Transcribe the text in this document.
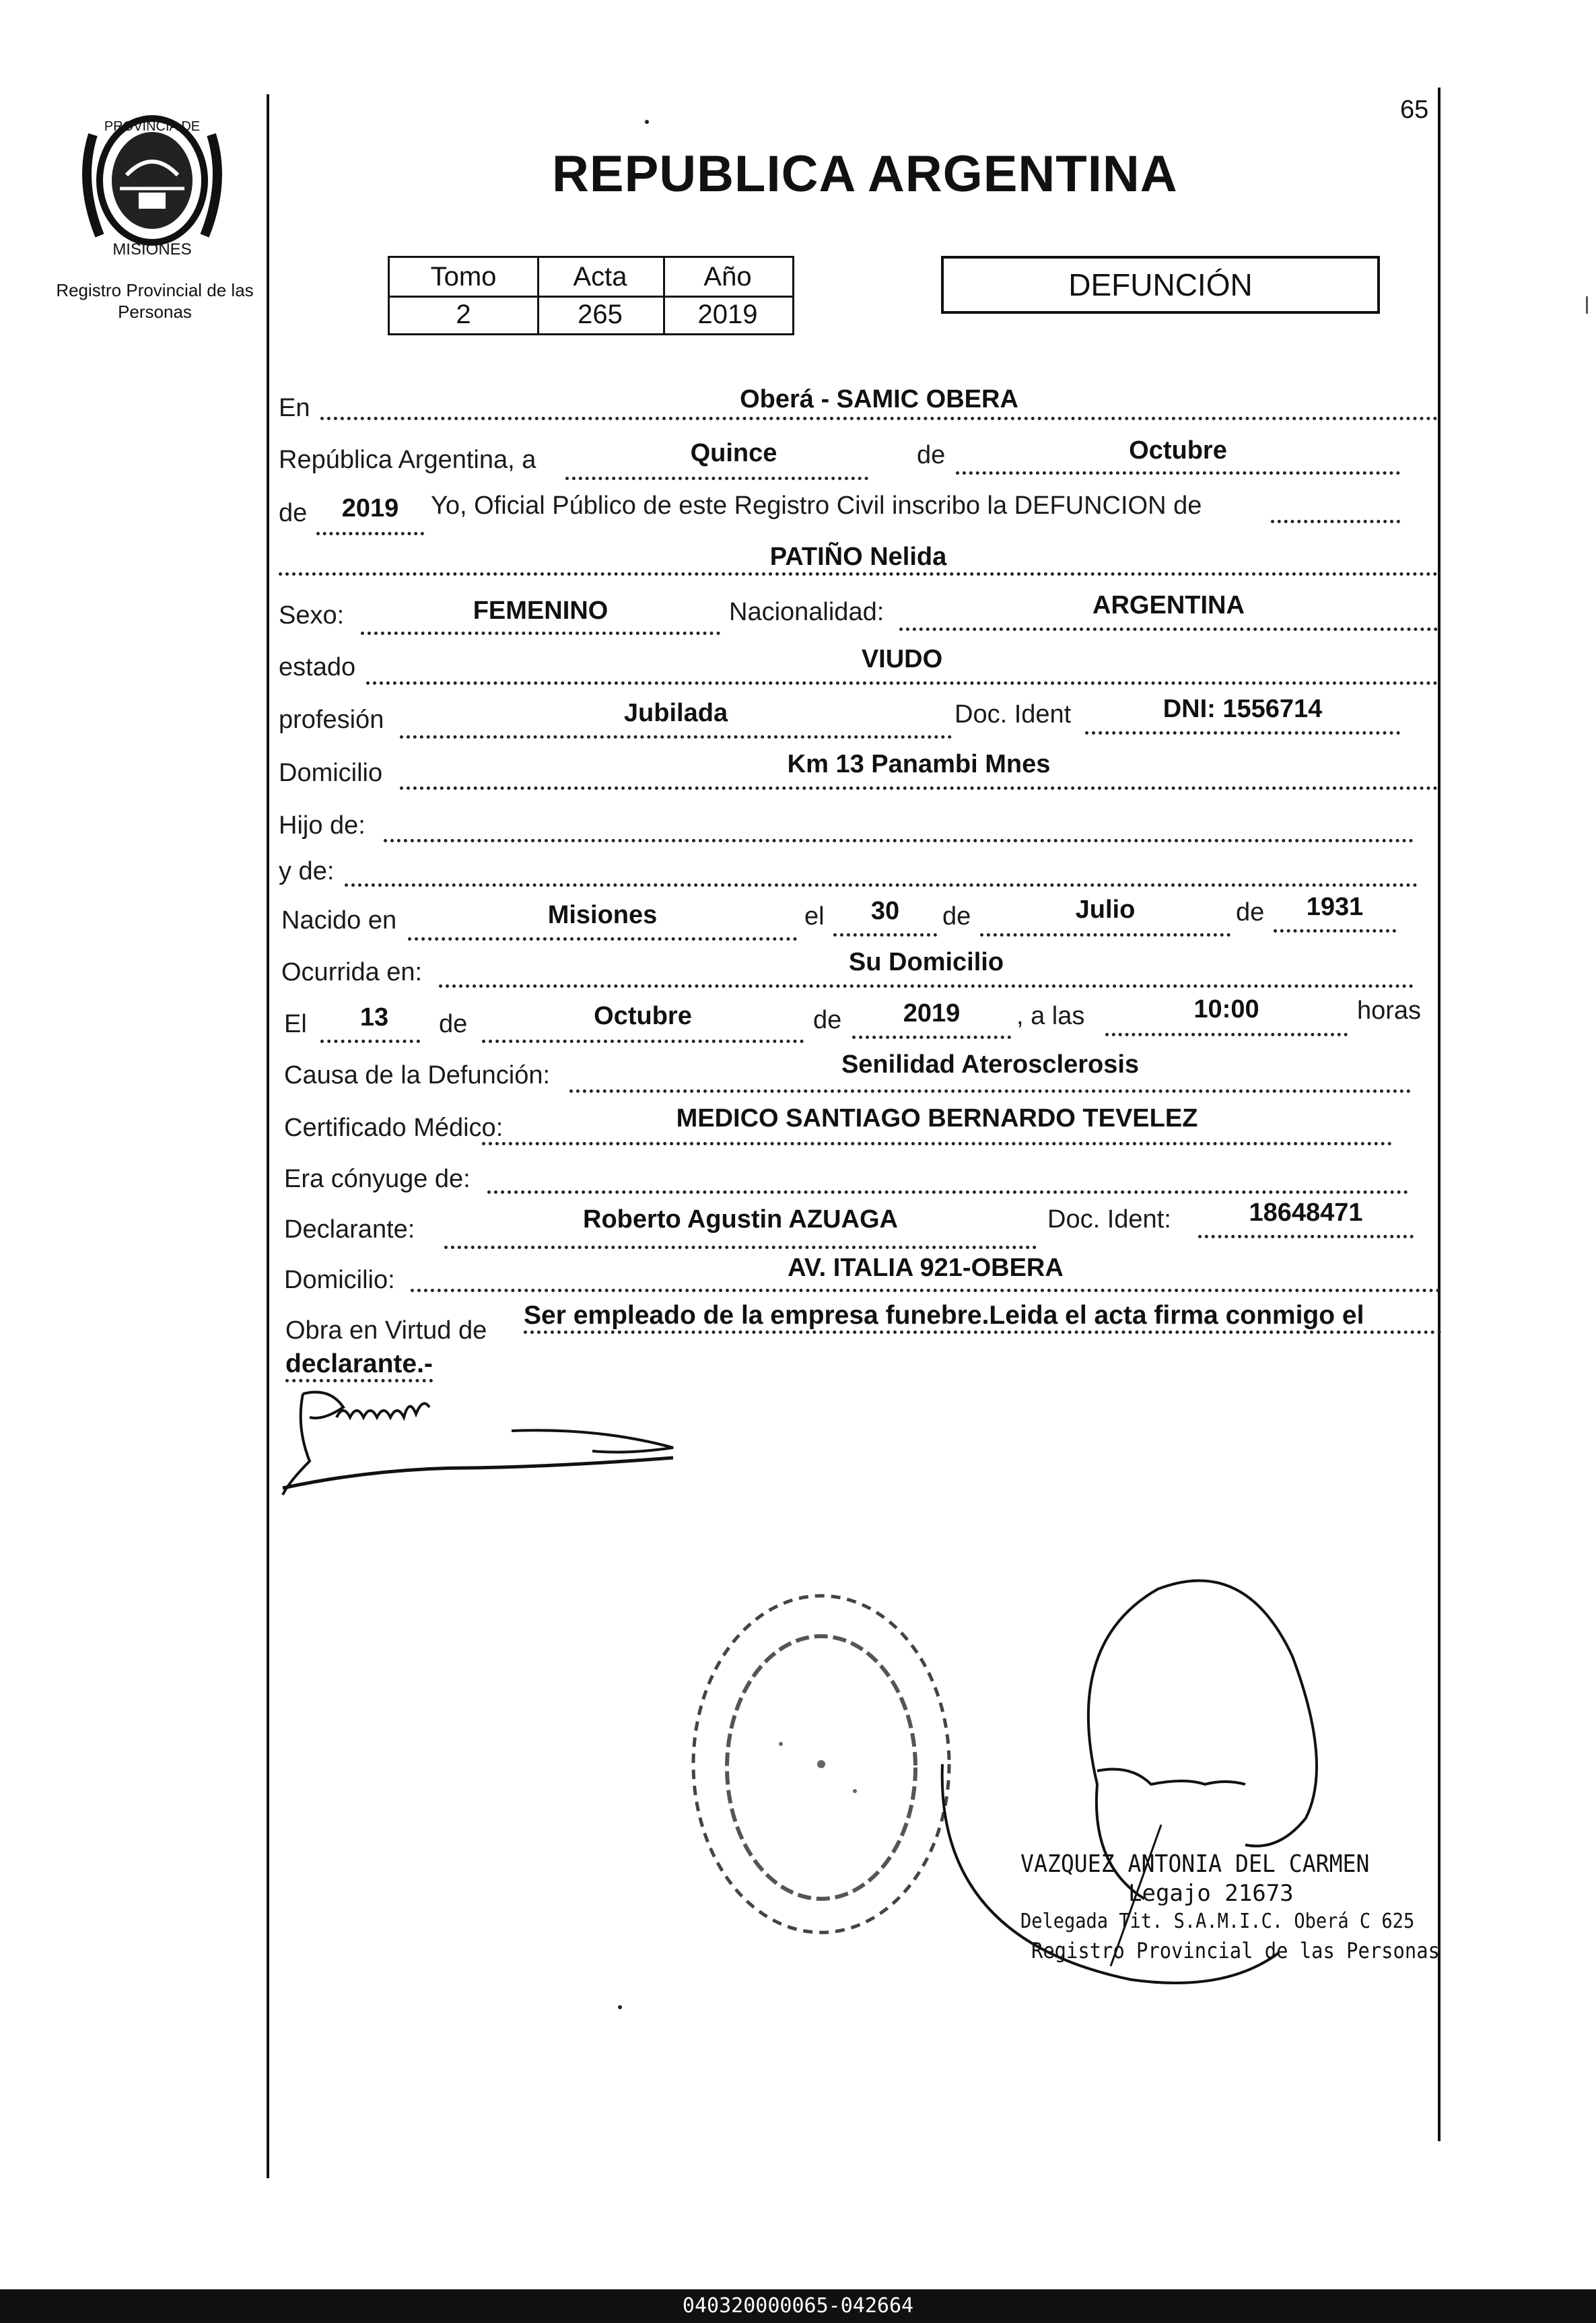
65
PROVINCIA DE
MISIONES
Registro Provincial de las Personas
REPUBLICA ARGENTINA
Tomo	Acta	Año
2	265	2019
DEFUNCIÓN
En	Oberá - SAMIC OBERA
República Argentina, a	Quince	de	Octubre
de	2019	Yo, Oficial Público de este Registro Civil inscribo la DEFUNCION de
PATIÑO Nelida
Sexo:	FEMENINO	Nacionalidad:	ARGENTINA
estado	VIUDO
profesión	Jubilada	Doc. Ident	DNI: 1556714
Domicilio	Km 13 Panambi Mnes
Hijo de:
y de:
Nacido en	Misiones	el	30	de	Julio	de	1931
Ocurrida en:	Su Domicilio
El	13	de	Octubre	de	2019	, a las	10:00	horas
Causa de la Defunción:	Senilidad Aterosclerosis
Certificado Médico:	MEDICO SANTIAGO BERNARDO TEVELEZ
Era cónyuge de:
Declarante:	Roberto Agustin AZUAGA	Doc. Ident:	18648471
Domicilio:	AV. ITALIA 921-OBERA
Obra en Virtud de
Ser empleado de la empresa funebre.Leida el acta firma conmigo el
declarante.-
VAZQUEZ ANTONIA DEL CARMEN
Legajo 21673
Delegada Tit. S.A.M.I.C. Oberá C 625
Registro Provincial de las Personas
040320000065-042664
